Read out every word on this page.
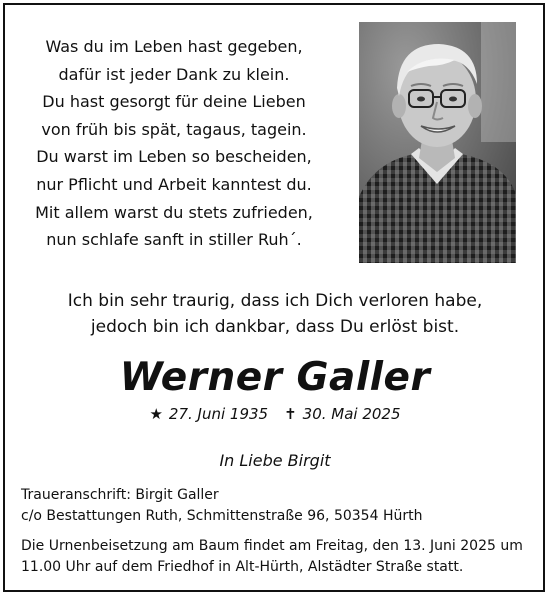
Was du im Leben hast gegeben,
dafür ist jeder Dank zu klein.
Du hast gesorgt für deine Lieben
von früh bis spät, tagaus, tagein.
Du warst im Leben so bescheiden,
nur Pflicht und Arbeit kanntest du.
Mit allem warst du stets zufrieden,
nun schlafe sanft in stiller Ruh´.
Ich bin sehr traurig, dass ich Dich verloren habe,
jedoch bin ich dankbar, dass Du erlöst bist.
Werner Galler
★ 27. Juni 1935 ✝ 30. Mai 2025
In Liebe Birgit
Traueranschrift: Birgit Galler
c/o Bestattungen Ruth, Schmittenstraße 96, 50354 Hürth
Die Urnenbeisetzung am Baum findet am Freitag, den 13. Juni 2025 um
11.00 Uhr auf dem Friedhof in Alt-Hürth, Alstädter Straße statt.
